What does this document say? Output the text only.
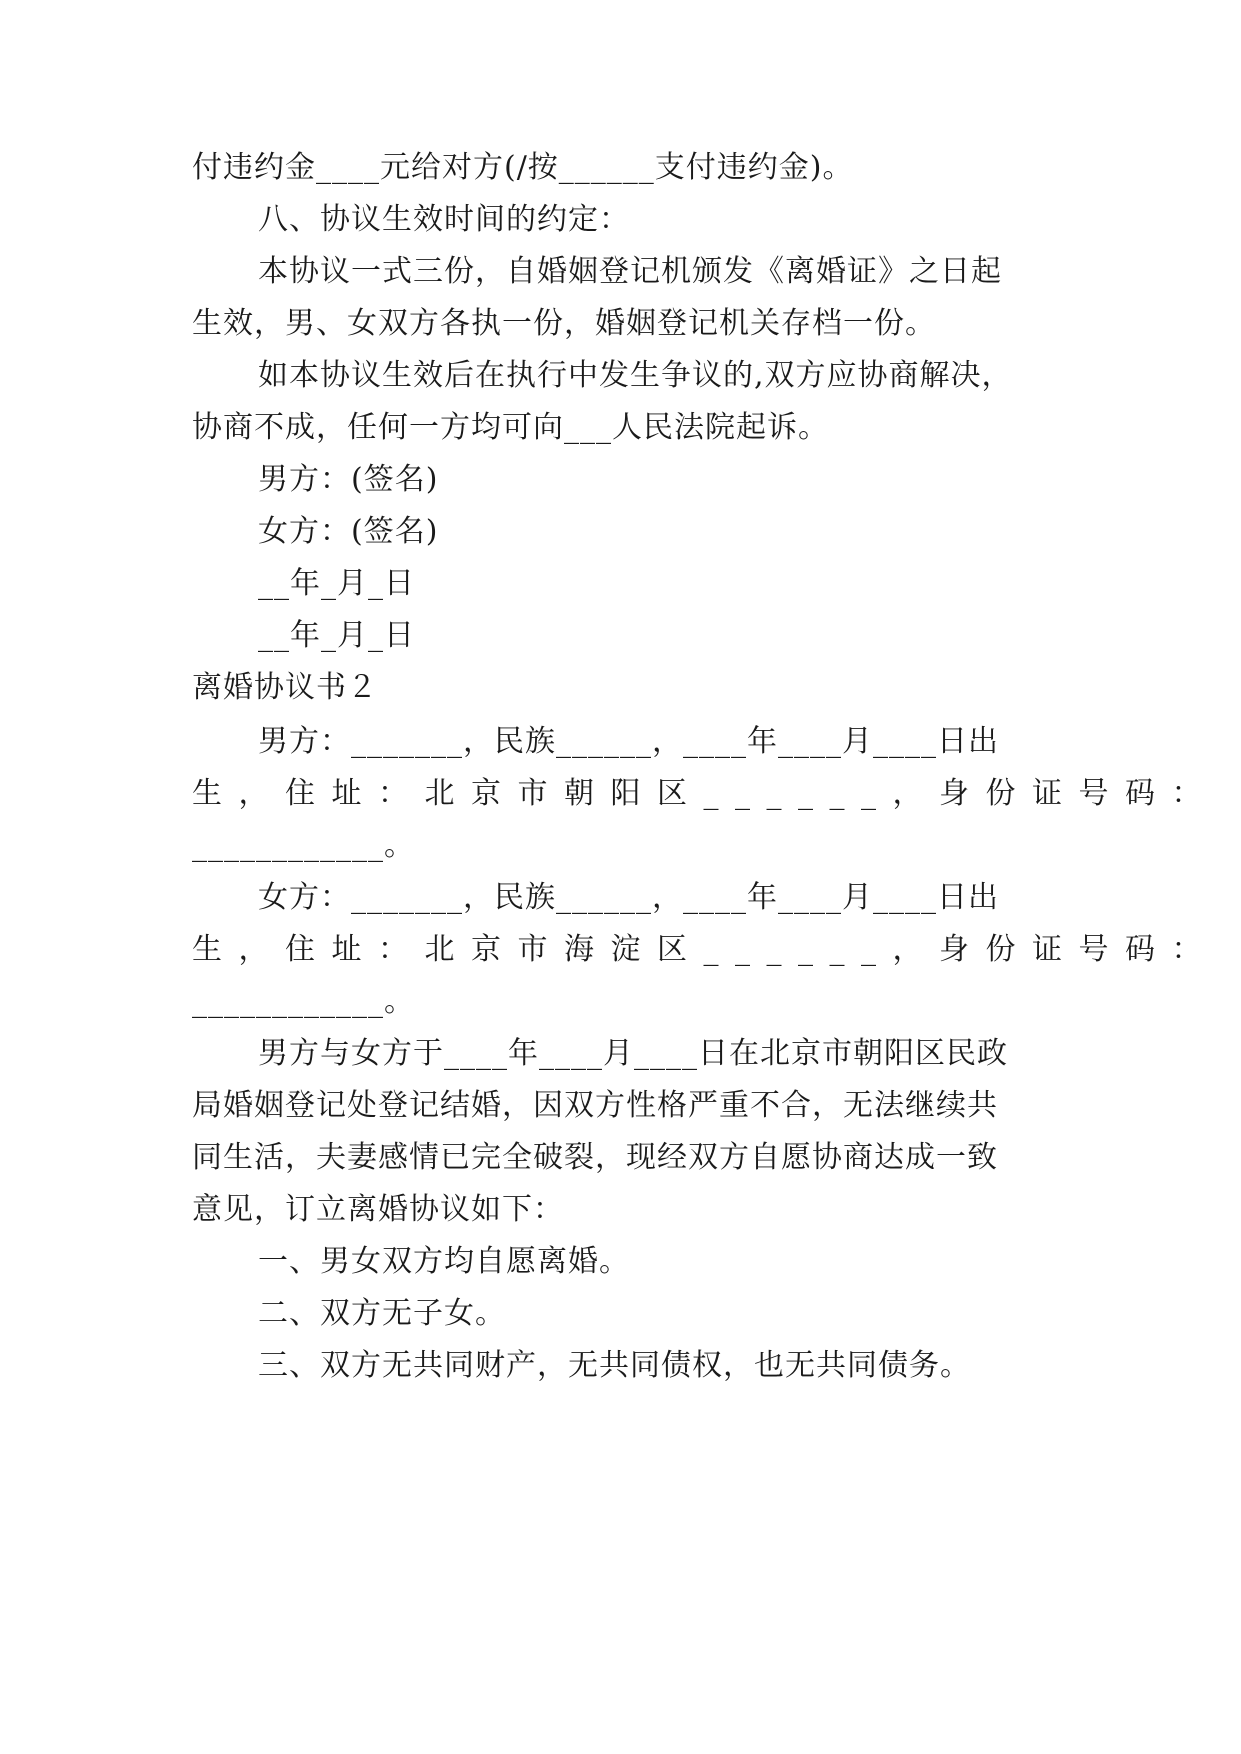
付违约金____元给对方(/按______支付违约金)。
八、协议生效时间的约定：
本协议一式三份，自婚姻登记机颁发《离婚证》之日起
生效，男、女双方各执一份，婚姻登记机关存档一份。
如本协议生效后在执行中发生争议的,双方应协商解决，
协商不成，任何一方均可向___人民法院起诉。
男方：(签名)
女方：(签名)
__年_月_日
__年_月_日
离婚协议书２
男方：_______，民族______，____年____月____日出
生，住址：北京市朝阳区______，身份证号码：
____________。
女方：_______，民族______，____年____月____日出
生，住址：北京市海淀区______，身份证号码：
____________。
男方与女方于____年____月____日在北京市朝阳区民政
局婚姻登记处登记结婚，因双方性格严重不合，无法继续共
同生活，夫妻感情已完全破裂，现经双方自愿协商达成一致
意见，订立离婚协议如下：
一、男女双方均自愿离婚。
二、双方无子女。
三、双方无共同财产，无共同债权，也无共同债务。
